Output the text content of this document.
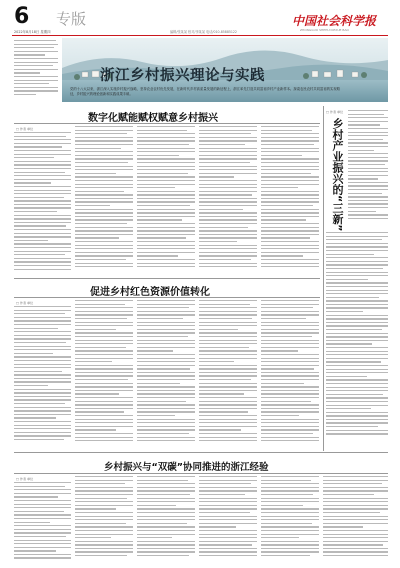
6 专版
2022年8月18日 星期四	编辑/张某某 校对/李某某 电话/010-85885122
中国社会科学报
ZHONGGUO SHEHUI KEXUE BAO
浙江乡村振兴理论与实践
党的十八大以来，浙江深入实施乡村振兴战略，坚持农业农村优先发展，在新时代乡村高质量发展的新征程上，浙江率先打造共同富裕乡村产业新样本。探索农民农村共同富裕的实现路径，乡村振兴的理论创新和实践成果丰硕。
数字化赋能赋权赋意乡村振兴
□ 作者 单位
促进乡村红色资源价值转化
□ 作者 单位
□ 作者 单位
乡村产业振兴的“三新”
乡村振兴与“双碳”协同推进的浙江经验
□ 作者 单位
